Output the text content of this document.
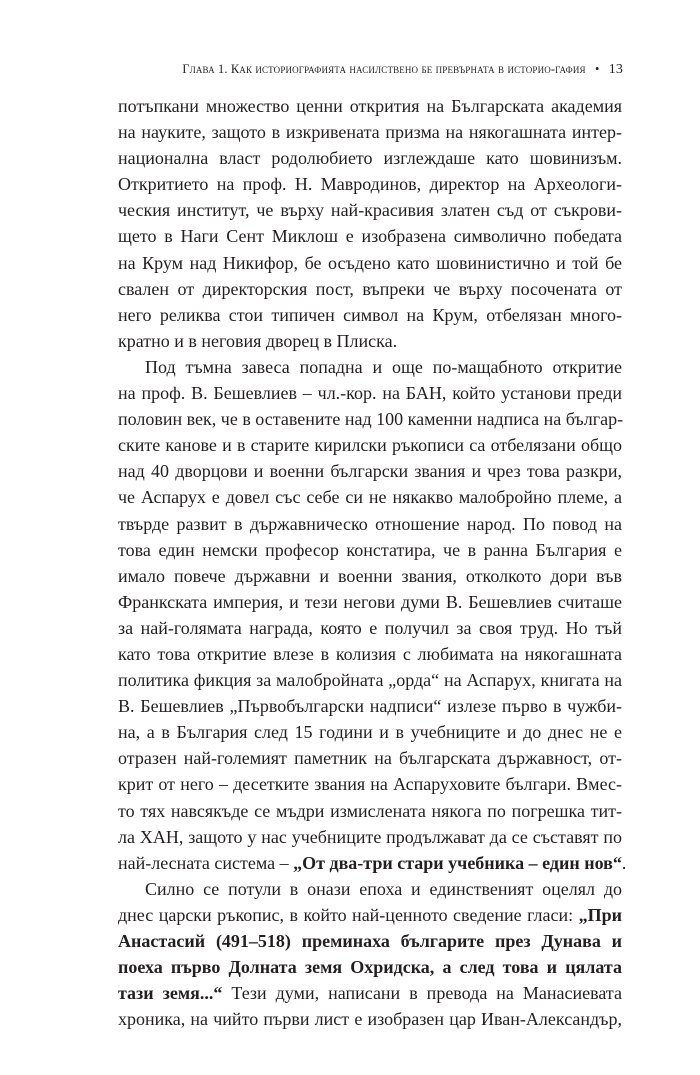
Глава 1. Как историографията насилствено бе превърната в историо-гафия • 13
потъпкани множество ценни открития на Българската академия
на науките, защото в изкривената призма на някогашната интер-
национална власт родолюбието изглеждаше като шовинизъм.
Откритието на проф. Н. Мавродинов, директор на Археологи-
ческия институт, че върху най-красивия златен съд от съкрови-
щето в Наги Сент Миклош е изобразена символично победата
на Крум над Никифор, бе осъдено като шовинистично и той бе
свален от директорския пост, въпреки че върху посочената от
него реликва стои типичен символ на Крум, отбелязан много-
кратно и в неговия дворец в Плиска.
Под тъмна завеса попадна и още по-мащабното откритие
на проф. В. Бешевлиев – чл.-кор. на БАН, който установи преди
половин век, че в оставените над 100 каменни надписа на българ-
ските канове и в старите кирилски ръкописи са отбелязани общо
над 40 дворцови и военни български звания и чрез това разкри,
че Аспарух е довел със себе си не някакво малобройно племе, а
твърде развит в държавническо отношение народ. По повод на
това един немски професор констатира, че в ранна България е
имало повече държавни и военни звания, отколкото дори във
Франкската империя, и тези негови думи В. Бешевлиев считаше
за най-голямата награда, която е получил за своя труд. Но тъй
като това откритие влезе в колизия с любимата на някогашната
политика фикция за малобройната „орда“ на Аспарух, книгата на
В. Бешевлиев „Първобългарски надписи“ излезе първо в чужби-
на, а в България след 15 години и в учебниците и до днес не е
отразен най-големият паметник на българската държавност, от-
крит от него – десетките звания на Аспаруховите българи. Вмес-
то тях навсякъде се мъдри измислената някога по погрешка тит-
ла ХАН, защото у нас учебниците продължават да се съставят по
най-лесната система – „От два-три стари учебника – един нов“.
Силно се потули в онази епоха и единственият оцелял до
днес царски ръкопис, в който най-ценното сведение гласи: „При
Анастасий (491–518) преминаха българите през Дунава и
поеха първо Долната земя Охридска, а след това и цялата
тази земя...“ Тези думи, написани в превода на Манасиевата
хроника, на чийто първи лист е изобразен цар Иван-Александър,
